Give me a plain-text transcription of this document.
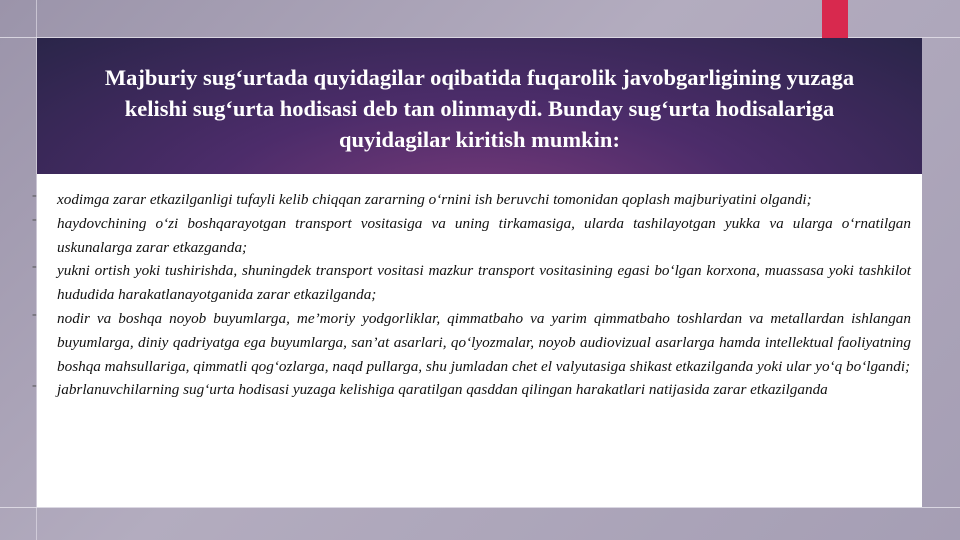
Majburiy sug‘urtada quyidagilar oqibatida fuqarolik javobgarligining yuzaga kelishi sug‘urta hodisasi deb tan olinmaydi. Bunday sug‘urta hodisalariga quyidagilar kiritish mumkin:
- xodimga zarar etkazilganligi tufayli kelib chiqqan zararning o‘rnini ish beruvchi tomonidan qoplash majburiyatini olgandi;
- haydovchining o‘zi boshqarayotgan transport vositasiga va uning tirkamasiga, ularda tashilayotgan yukka va ularga o‘rnatilgan uskunalarga zarar etkazganda;
- yukni ortish yoki tushirishda, shuningdek transport vositasi mazkur transport vositasining egasi bo‘lgan korxona, muassasa yoki tashkilot hududida harakatlanayotganida zarar etkazilganda;
- nodir va boshqa noyob buyumlarga, me’moriy yodgorliklar, qimmatbaho va yarim qimmatbaho toshlardan va metallardan ishlangan buyumlarga, diniy qadriyatga ega buyumlarga, san’at asarlari, qo‘lyozmalar, noyob audiovizual asarlarga hamda intellektual faoliyatning boshqa mahsullariga, qimmatli qog‘ozlarga, naqd pullarga, shu jumladan chet el valyutasiga shikast etkazilganda yoki ular yo‘q bo‘lgandi;
- jabrlanuvchilarning sug‘urta hodisasi yuzaga kelishiga qaratilgan qasddan qilingan harakatlari natijasida zarar etkazilganda
